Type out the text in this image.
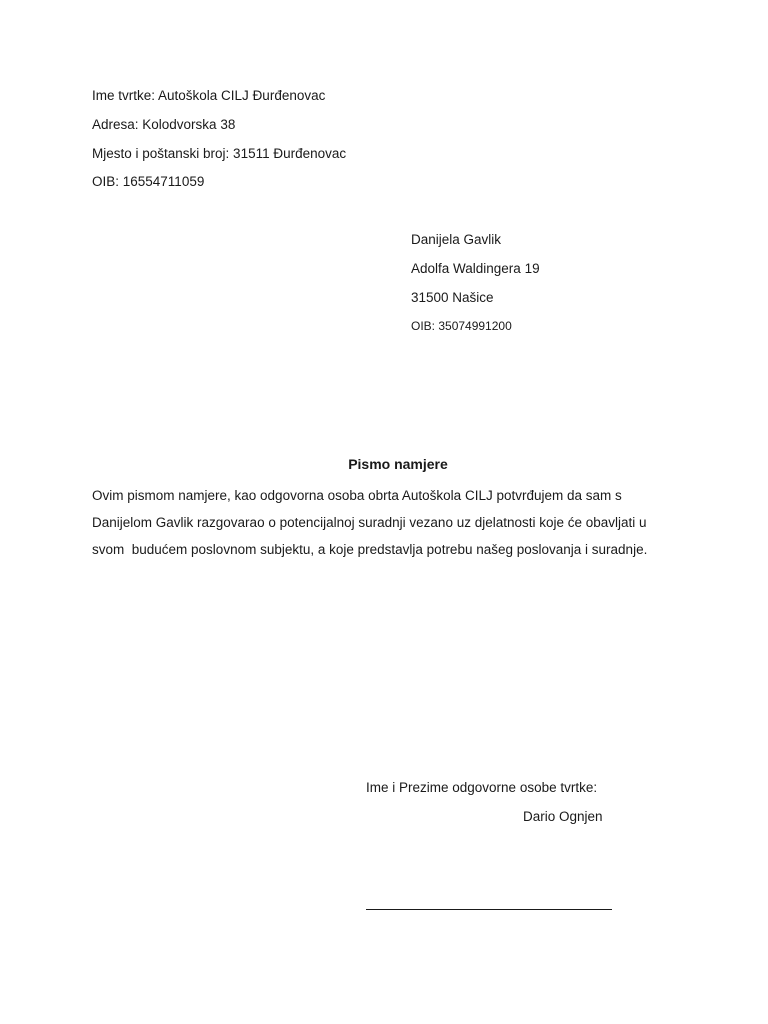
Ime tvrtke: Autoškola CILJ Đurđenovac
Adresa: Kolodvorska 38
Mjesto i poštanski broj: 31511 Đurđenovac
OIB: 16554711059
Danijela Gavlik
Adolfa Waldingera 19
31500 Našice
OIB: 35074991200
Pismo namjere
Ovim pismom namjere, kao odgovorna osoba obrta Autoškola CILJ potvrđujem da sam s
Danijelom Gavlik razgovarao o potencijalnoj suradnji vezano uz djelatnosti koje će obavljati u
svom  budućem poslovnom subjektu, a koje predstavlja potrebu našeg poslovanja i suradnje.
Ime i Prezime odgovorne osobe tvrtke:
Dario Ognjen
